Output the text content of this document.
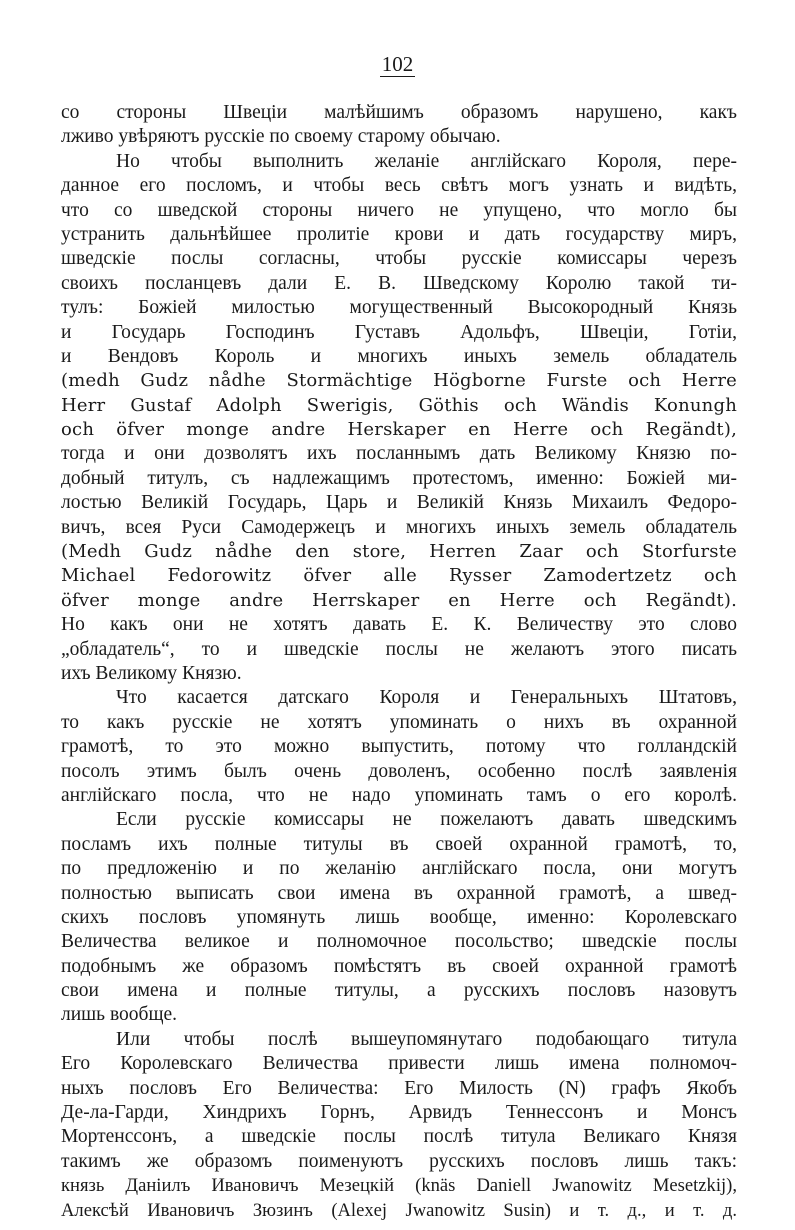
102
со стороны Швеціи малѣйшимъ образомъ нарушено, какъ
лживо увѣряютъ русскіе по своему старому обычаю.
Но чтобы выполнить желаніе англійскаго Короля, пере-
данное его посломъ, и чтобы весь свѣтъ могъ узнать и видѣть,
что со шведской стороны ничего не упущено, что могло бы
устранить дальнѣйшее пролитіе крови и дать государству миръ,
шведскіе послы согласны, чтобы русскіе комиссары черезъ
своихъ посланцевъ дали Е. В. Шведскому Королю такой ти-
тулъ: Божіей милостью могущественный Высокородный Князь
и Государь Господинъ Густавъ Адольфъ, Швеціи, Готіи,
и Вендовъ Король и многихъ иныхъ земель обладатель
(medh Gudz nådhe Stormächtige Högborne Furste och Herre
Herr Gustaf Adolph Swerigis, Göthis och Wändis Konungh
och öfver monge andre Herskaper en Herre och Regändt),
тогда и они дозволятъ ихъ посланнымъ дать Великому Князю по-
добный титулъ, съ надлежащимъ протестомъ, именно: Божіей ми-
лостью Великій Государь, Царь и Великій Князь Михаилъ Федоро-
вичъ, всея Руси Самодержецъ и многихъ иныхъ земель обладатель
(Medh Gudz nådhe den store, Herren Zaar och Storfurste
Michael Fedorowitz öfver alle Rysser Zamodertzetz och
öfver monge andre Herrskaper en Herre och Regändt).
Но какъ они не хотятъ давать Е. К. Величеству это слово
„обладатель“, то и шведскіе послы не желаютъ этого писать
ихъ Великому Князю.
Что касается датскаго Короля и Генеральныхъ Штатовъ,
то какъ русскіе не хотятъ упоминать о нихъ въ охранной
грамотѣ, то это можно выпустить, потому что голландскій
посолъ этимъ былъ очень доволенъ, особенно послѣ заявленія
англійскаго посла, что не надо упоминать тамъ о его королѣ.
Если русскіе комиссары не пожелаютъ давать шведскимъ
посламъ ихъ полные титулы въ своей охранной грамотѣ, то,
по предложенію и по желанію англійскаго посла, они могутъ
полностью выписать свои имена въ охранной грамотѣ, а швед-
скихъ пословъ упомянуть лишь вообще, именно: Королевскаго
Величества великое и полномочное посольство; шведскіе послы
подобнымъ же образомъ помѣстятъ въ своей охранной грамотѣ
свои имена и полные титулы, а русскихъ пословъ назовутъ
лишь вообще.
Или чтобы послѣ вышеупомянутаго подобающаго титула
Его Королевскаго Величества привести лишь имена полномоч-
ныхъ пословъ Его Величества: Его Милость (N) графъ Якобъ
Де-ла-Гарди, Хиндрихъ Горнъ, Арвидъ Теннессонъ и Монсъ
Мортенссонъ, а шведскіе послы послѣ титула Великаго Князя
такимъ же образомъ поименуютъ русскихъ пословъ лишь такъ:
князь Даніилъ Ивановичъ Мезецкій (knäs Daniell Jwanowitz Mesetzkij),
Алексѣй Ивановичъ Зюзинъ (Alexej Jwanowitz Susin) и т. д., и т. д.
